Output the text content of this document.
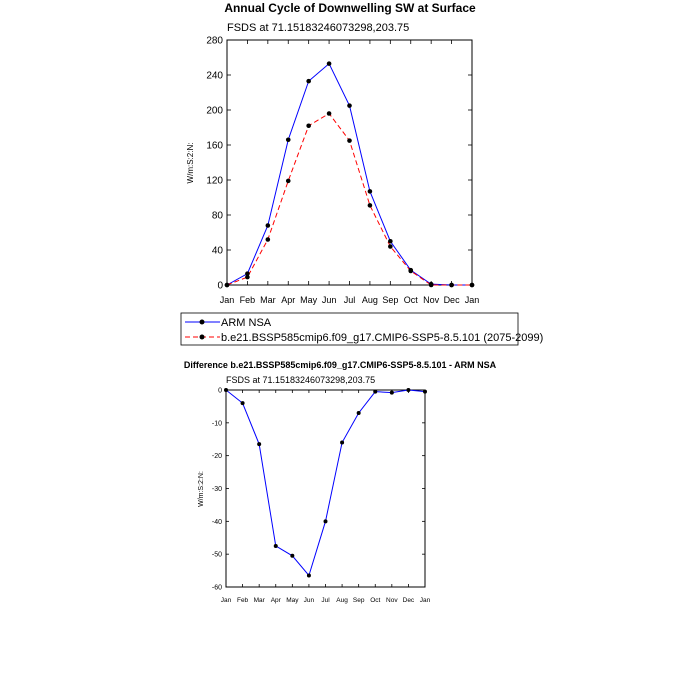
Annual Cycle of Downwelling SW at Surface
FSDS at 71.15183246073298,203.75
W/m:S:2:N:
0
40
80
120
160
200
240
280
Jan Feb Mar Apr May Jun Jul Aug Sep Oct Nov Dec Jan
ARM NSA
b.e21.BSSP585cmip6.f09_g17.CMIP6-SSP5-8.5.101 (2075-2099)
Difference b.e21.BSSP585cmip6.f09_g17.CMIP6-SSP5-8.5.101 - ARM NSA
FSDS at 71.15183246073298,203.75
W/m:S:2:N:
-60
-50
-40
-30
-20
-10
0
Jan Feb Mar Apr May Jun Jul Aug Sep Oct Nov Dec Jan
